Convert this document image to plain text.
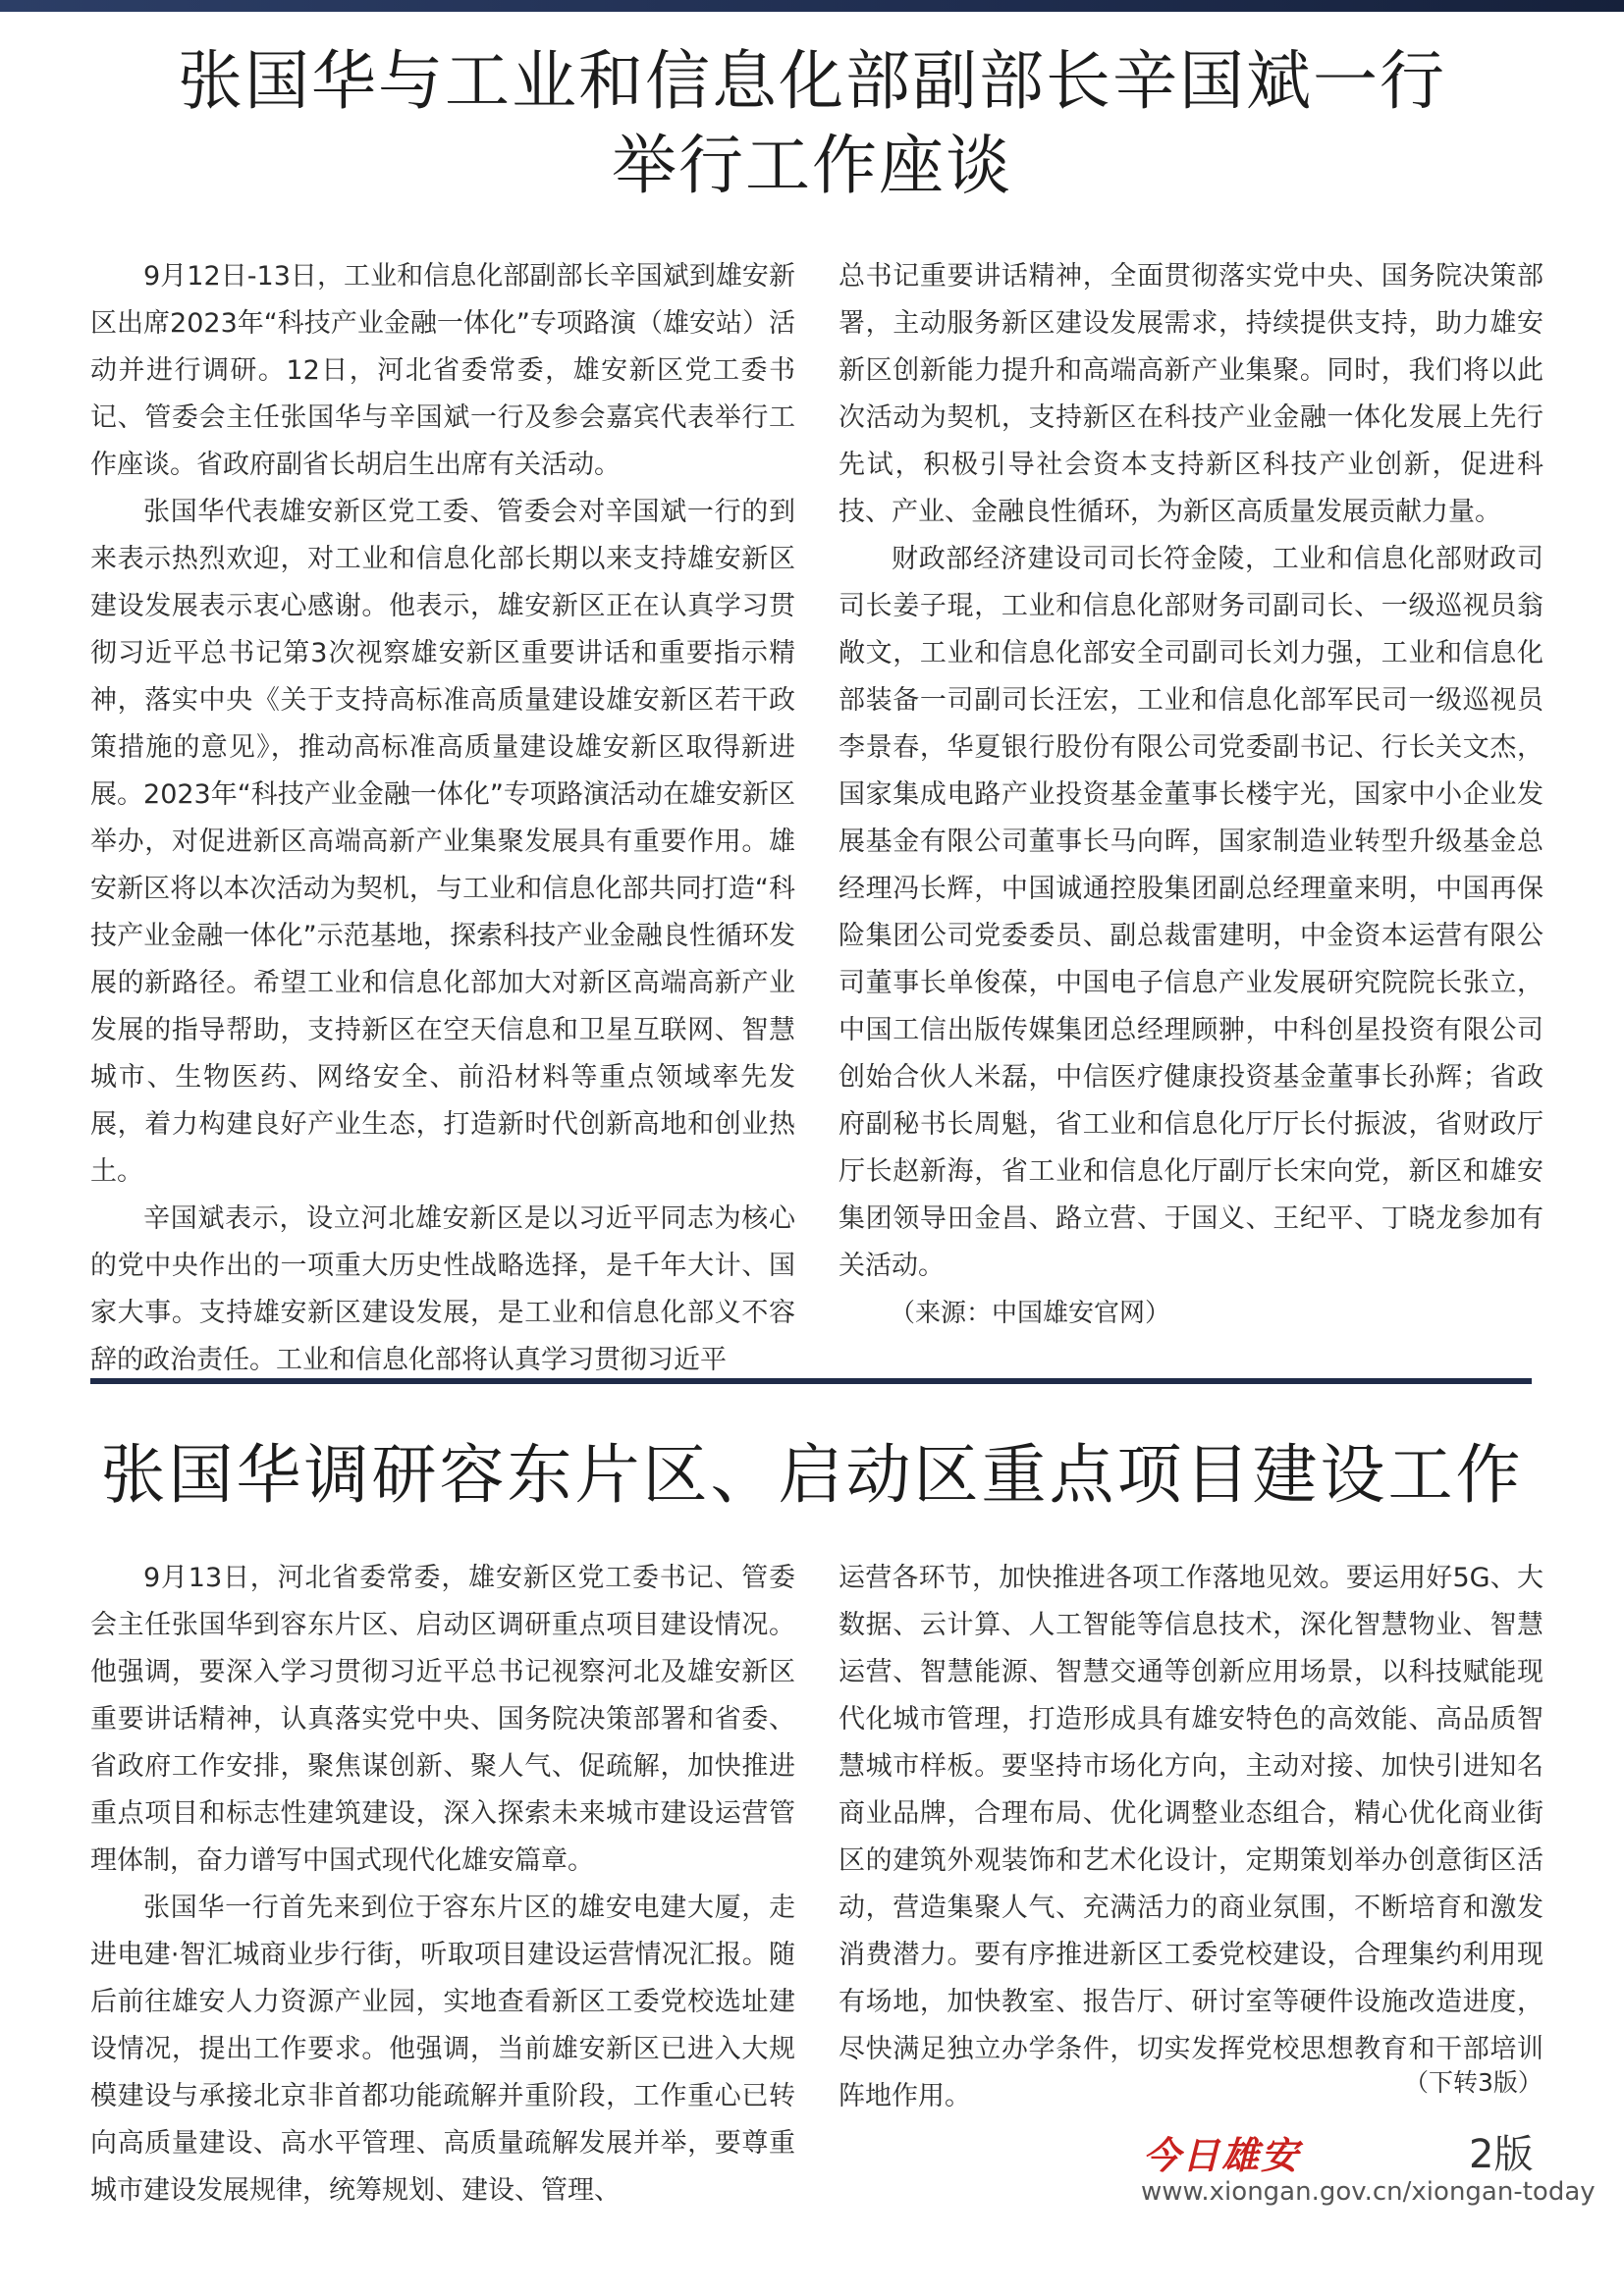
张国华与工业和信息化部副部长辛国斌一行
举行工作座谈

9月12日-13日，工业和信息化部副部长辛国斌到雄安新区出席2023年“科技产业金融一体化”专项路演（雄安站）活动并进行调研。12日，河北省委常委，雄安新区党工委书记、管委会主任张国华与辛国斌一行及参会嘉宾代表举行工作座谈。省政府副省长胡启生出席有关活动。

张国华代表雄安新区党工委、管委会对辛国斌一行的到来表示热烈欢迎，对工业和信息化部长期以来支持雄安新区建设发展表示衷心感谢。他表示，雄安新区正在认真学习贯彻习近平总书记第3次视察雄安新区重要讲话和重要指示精神，落实中央《关于支持高标准高质量建设雄安新区若干政策措施的意见》，推动高标准高质量建设雄安新区取得新进展。2023年“科技产业金融一体化”专项路演活动在雄安新区举办，对促进新区高端高新产业集聚发展具有重要作用。雄安新区将以本次活动为契机，与工业和信息化部共同打造“科技产业金融一体化”示范基地，探索科技产业金融良性循环发展的新路径。希望工业和信息化部加大对新区高端高新产业发展的指导帮助，支持新区在空天信息和卫星互联网、智慧城市、生物医药、网络安全、前沿材料等重点领域率先发展，着力构建良好产业生态，打造新时代创新高地和创业热土。

辛国斌表示，设立河北雄安新区是以习近平同志为核心的党中央作出的一项重大历史性战略选择，是千年大计、国家大事。支持雄安新区建设发展，是工业和信息化部义不容辞的政治责任。工业和信息化部将认真学习贯彻习近平

总书记重要讲话精神，全面贯彻落实党中央、国务院决策部署，主动服务新区建设发展需求，持续提供支持，助力雄安新区创新能力提升和高端高新产业集聚。同时，我们将以此次活动为契机，支持新区在科技产业金融一体化发展上先行先试，积极引导社会资本支持新区科技产业创新，促进科技、产业、金融良性循环，为新区高质量发展贡献力量。

财政部经济建设司司长符金陵，工业和信息化部财政司司长姜子琨，工业和信息化部财务司副司长、一级巡视员翁敞文，工业和信息化部安全司副司长刘力强，工业和信息化部装备一司副司长汪宏，工业和信息化部军民司一级巡视员李景春，华夏银行股份有限公司党委副书记、行长关文杰，国家集成电路产业投资基金董事长楼宇光，国家中小企业发展基金有限公司董事长马向晖，国家制造业转型升级基金总经理冯长辉，中国诚通控股集团副总经理童来明，中国再保险集团公司党委委员、副总裁雷建明，中金资本运营有限公司董事长单俊葆，中国电子信息产业发展研究院院长张立，中国工信出版传媒集团总经理顾翀，中科创星投资有限公司创始合伙人米磊，中信医疗健康投资基金董事长孙辉；省政府副秘书长周魁，省工业和信息化厅厅长付振波，省财政厅厅长赵新海，省工业和信息化厅副厅长宋向党，新区和雄安集团领导田金昌、路立营、于国义、王纪平、丁晓龙参加有关活动。

（来源：中国雄安官网）

张国华调研容东片区、启动区重点项目建设工作

9月13日，河北省委常委，雄安新区党工委书记、管委会主任张国华到容东片区、启动区调研重点项目建设情况。他强调，要深入学习贯彻习近平总书记视察河北及雄安新区重要讲话精神，认真落实党中央、国务院决策部署和省委、省政府工作安排，聚焦谋创新、聚人气、促疏解，加快推进重点项目和标志性建筑建设，深入探索未来城市建设运营管理体制，奋力谱写中国式现代化雄安篇章。

张国华一行首先来到位于容东片区的雄安电建大厦，走进电建·智汇城商业步行街，听取项目建设运营情况汇报。随后前往雄安人力资源产业园，实地查看新区工委党校选址建设情况，提出工作要求。他强调，当前雄安新区已进入大规模建设与承接北京非首都功能疏解并重阶段，工作重心已转向高质量建设、高水平管理、高质量疏解发展并举，要尊重城市建设发展规律，统筹规划、建设、管理、

运营各环节，加快推进各项工作落地见效。要运用好5G、大数据、云计算、人工智能等信息技术，深化智慧物业、智慧运营、智慧能源、智慧交通等创新应用场景，以科技赋能现代化城市管理，打造形成具有雄安特色的高效能、高品质智慧城市样板。要坚持市场化方向，主动对接、加快引进知名商业品牌，合理布局、优化调整业态组合，精心优化商业街区的建筑外观装饰和艺术化设计，定期策划举办创意街区活动，营造集聚人气、充满活力的商业氛围，不断培育和激发消费潜力。要有序推进新区工委党校建设，合理集约利用现有场地，加快教室、报告厅、研讨室等硬件设施改造进度，尽快满足独立办学条件，切实发挥党校思想教育和干部培训阵地作用。	（下转3版）
今日雄安	2版
www.xiongan.gov.cn/xiongan-today
